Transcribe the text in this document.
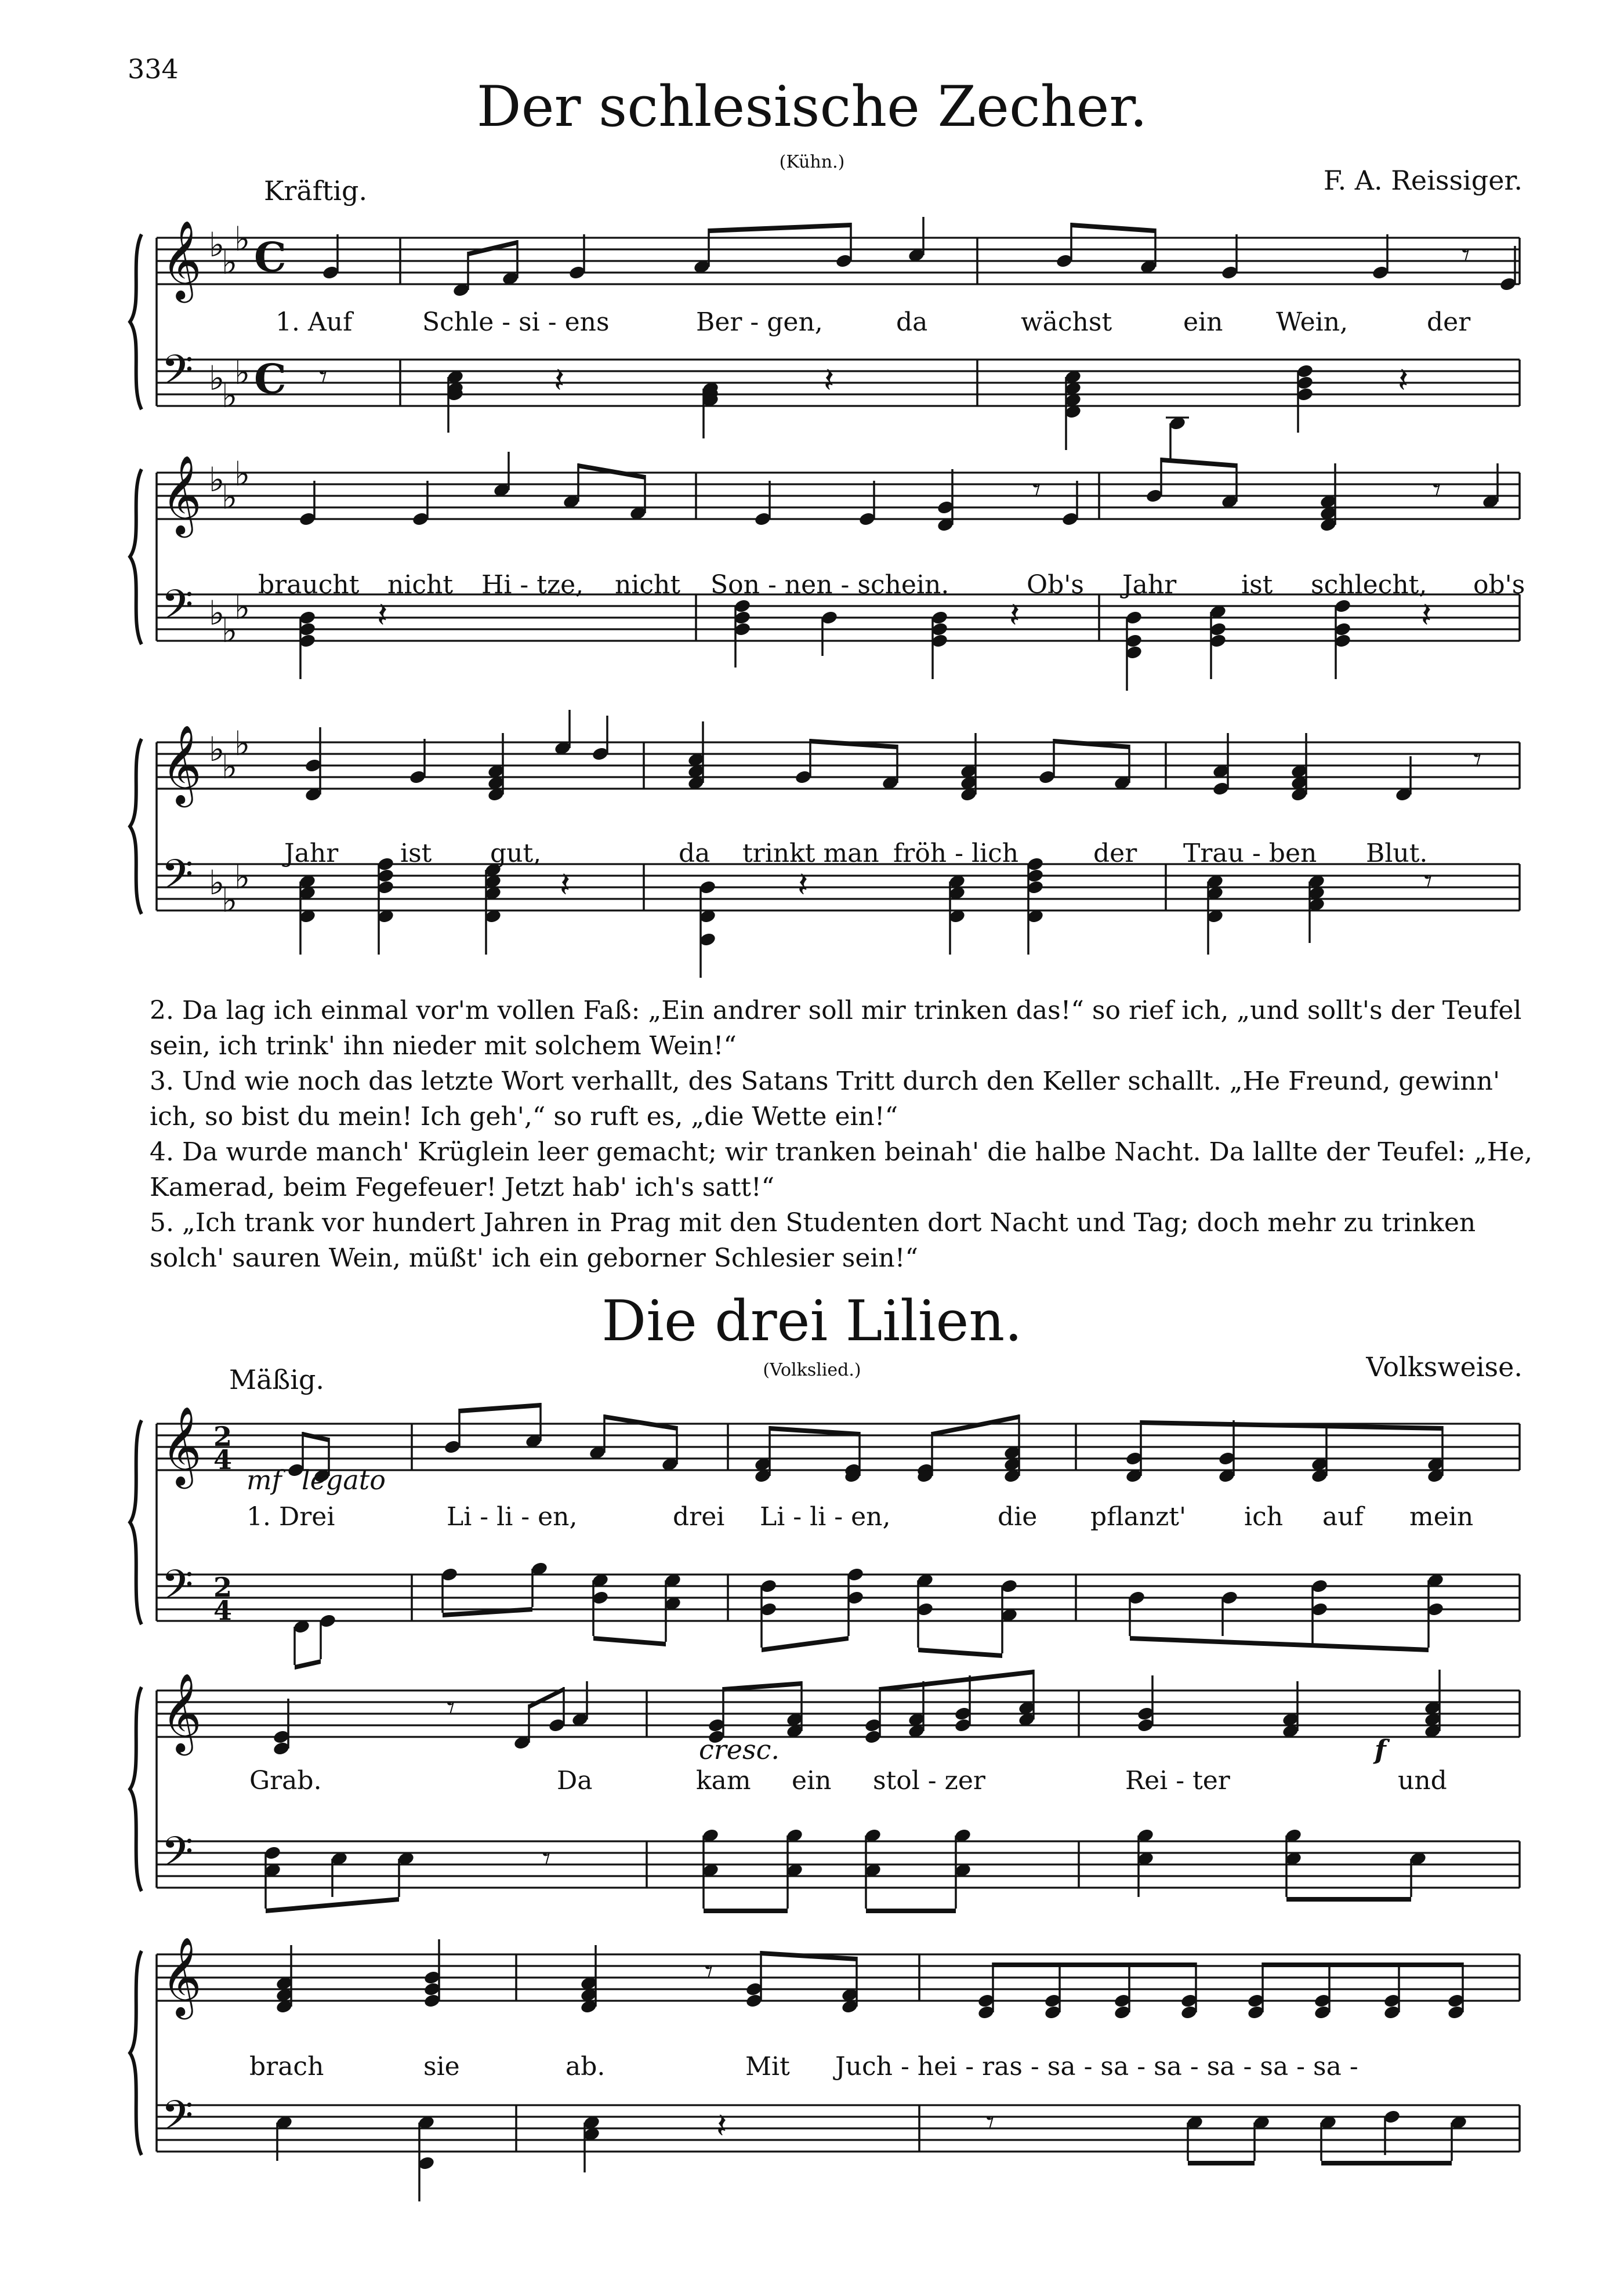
334
Der schlesische Zecher.
(Kühn.)
Kräftig.	F. A. Reissiger.
𝄞
𝄢
♭
♭
♭
♭
♭
♭
C
C
𝄾
𝄾	𝄽	𝄽	𝄽
1. Auf	Schle - si - ens	Ber - gen,	da	wächst	ein Wein,	der
𝄞
𝄢
♭
♭
♭
♭
♭
♭
𝄾	𝄾
𝄽	𝄽	𝄽
braucht nicht Hi - tze, nicht Son - nen - schein.	Ob's Jahr	ist schlecht, ob's
𝄞
𝄢
♭
♭
♭
♭
♭
♭
𝄾
𝄽	𝄽	𝄾
Jahr ist gut,	da trinkt man fröh - lich	der Trau - ben Blut.

2. Da lag ich einmal vor'm vollen Faß: „Ein andrer soll mir trinken das!“ so rief ich, „und sollt's der Teufel sein, ich trink' ihn nieder mit solchem Wein!“

3. Und wie noch das letzte Wort verhallt, des Satans Tritt durch den Keller schallt. „He Freund, gewinn' ich, so bist du mein! Ich geh',“ so ruft es, „die Wette ein!“

4. Da wurde manch' Krüglein leer gemacht; wir tranken beinah' die halbe Nacht. Da lallte der Teufel: „He, Kamerad, beim Fegefeuer! Jetzt hab' ich's satt!“

5. „Ich trank vor hundert Jahren in Prag mit den Studenten dort Nacht und Tag; doch mehr zu trinken solch' sauren Wein, müßt' ich ein geborner Schlesier sein!“

Die drei Lilien.
(Volkslied.)
Mäßig.	Volksweise.
𝄞
𝄢
2
4
2
4
mf legato
1. Drei	Li - li - en,	drei Li - li - en,	die pflanzt' ich auf mein
𝄞
𝄢
𝄾
𝄾
cresc.	f
Grab.	Da	kam ein stol - zer	Rei - ter	und
𝄞
𝄢
𝄾
𝄽	𝄾
brach	sie	ab.	Mit Juch - hei - ras - sa - sa - sa - sa - sa - sa -
